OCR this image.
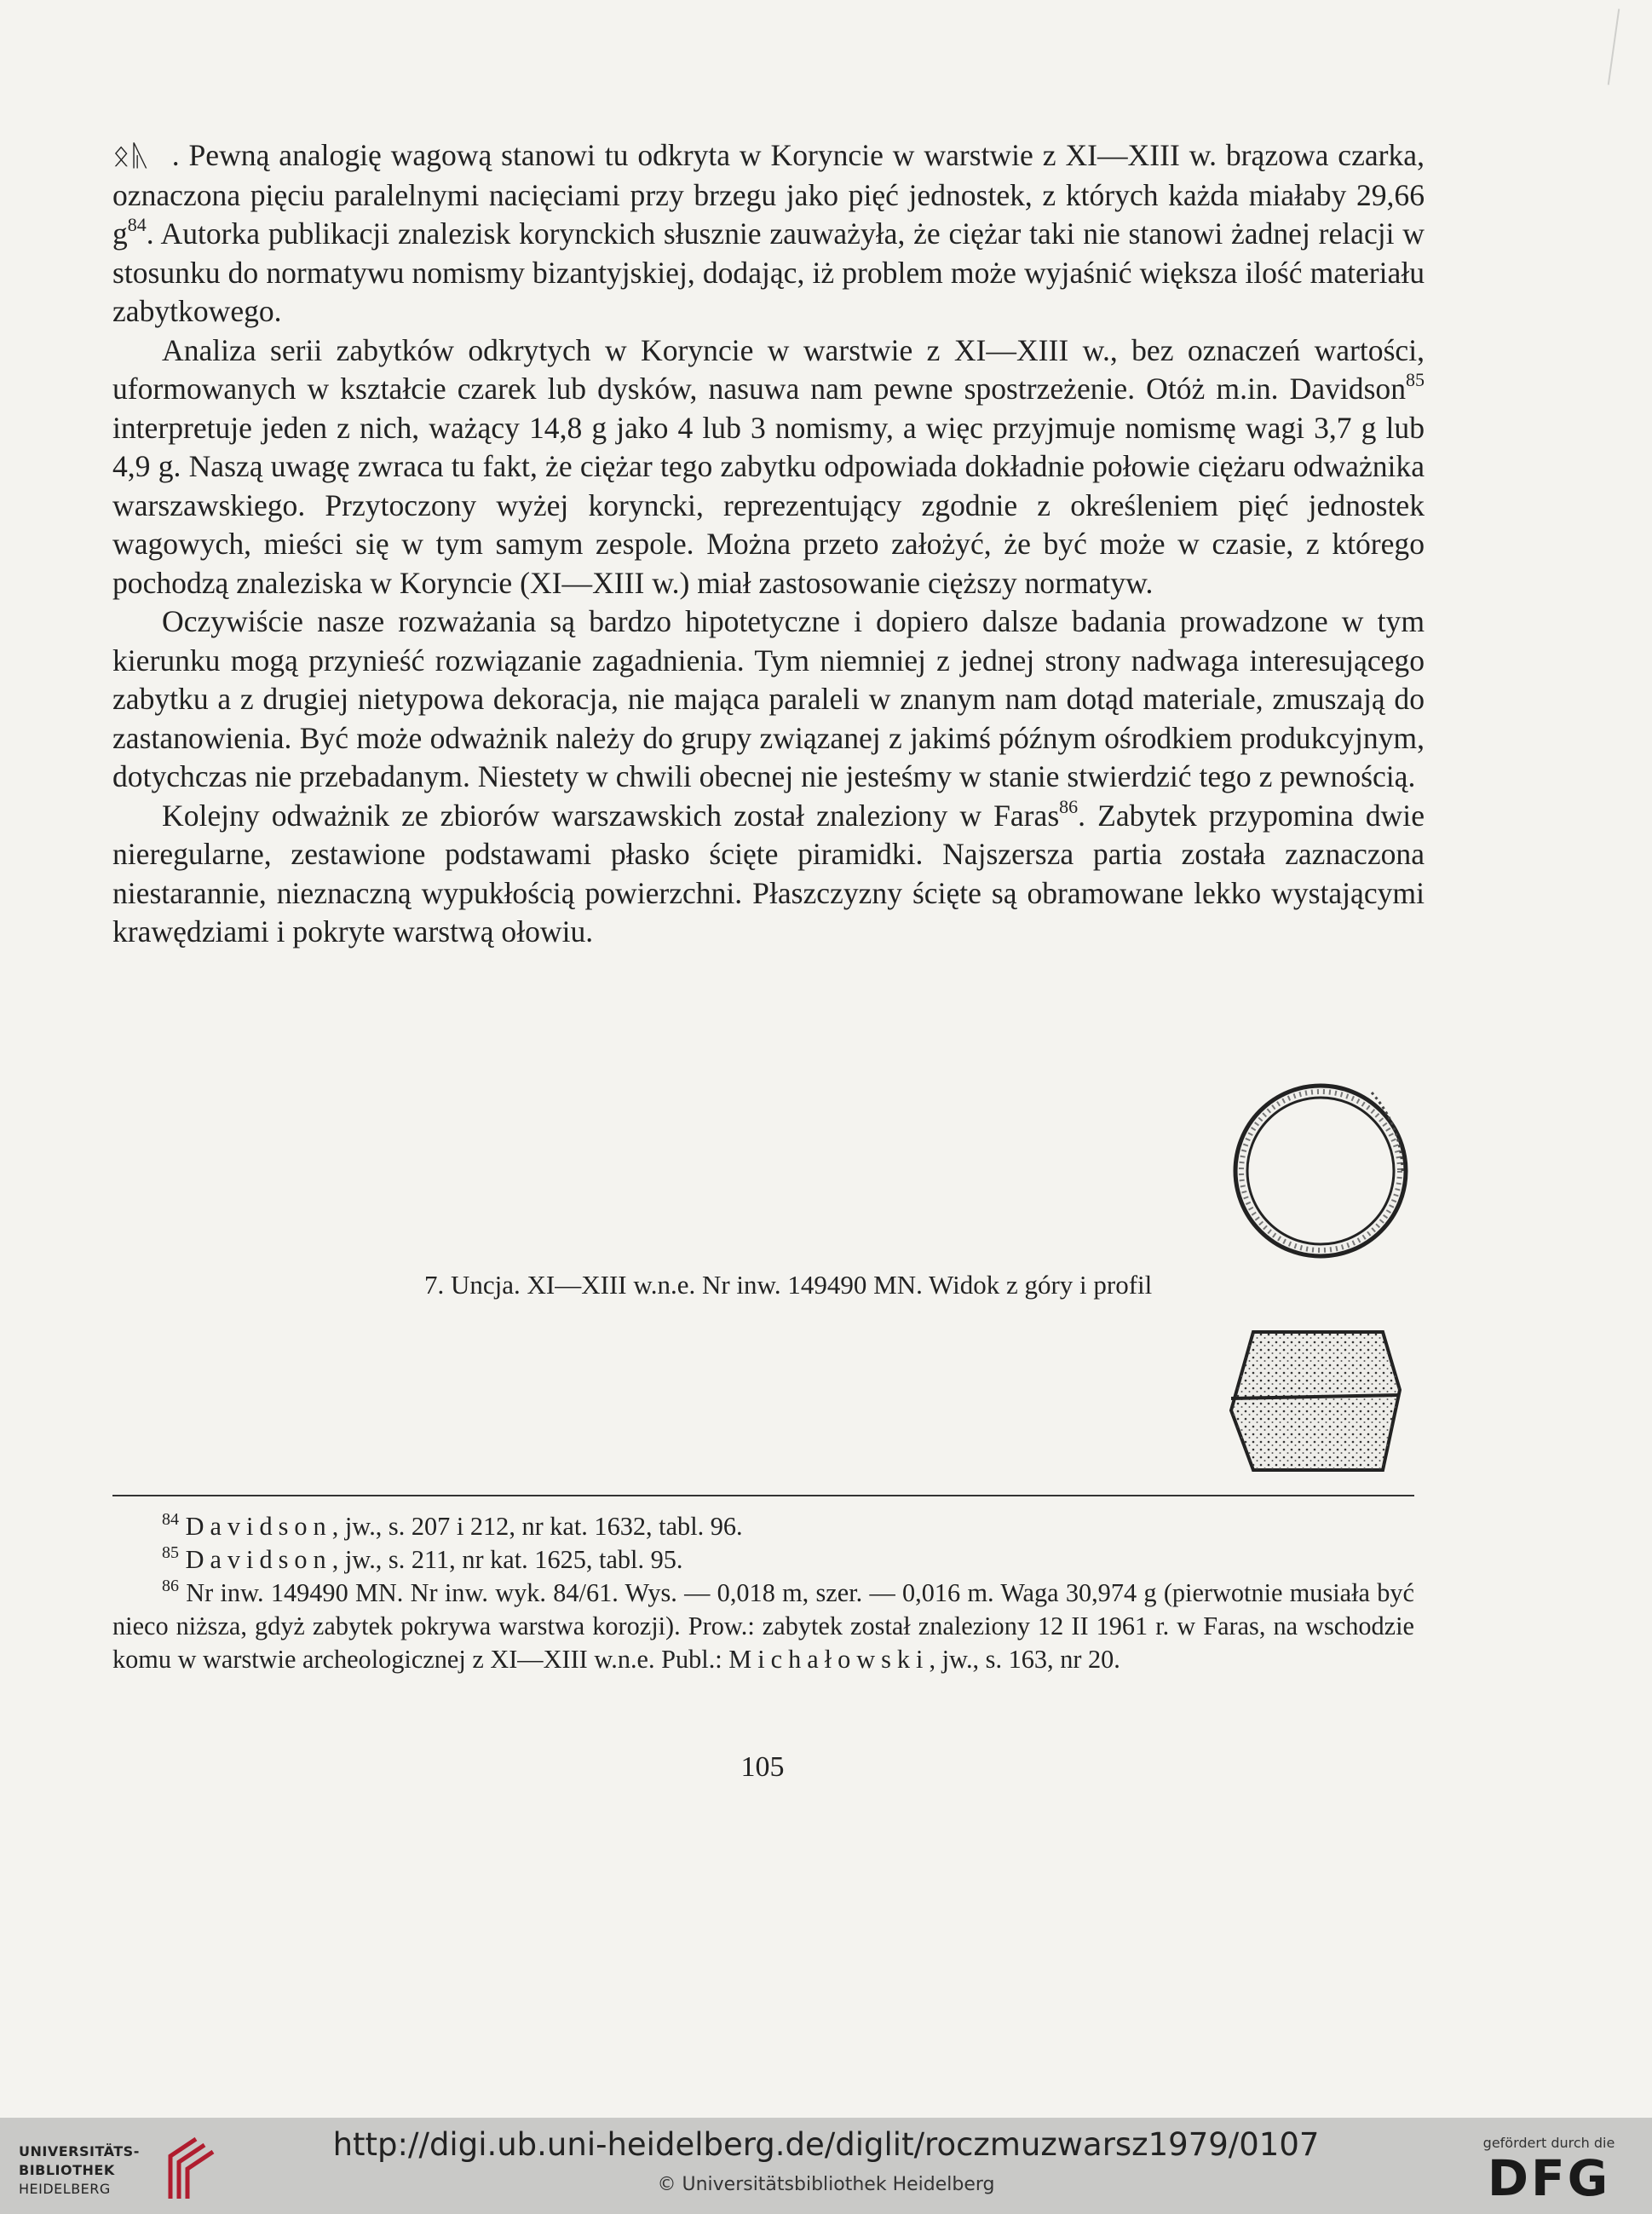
ᛟᚣ . Pewną analogię wagową stanowi tu odkryta w Koryncie w warstwie z XI—XIII w. brązowa czarka, oznaczona pięciu paralelnymi nacięciami przy brzegu jako pięć jednostek, z których każda miałaby 29,66 $g^{84}$. Autorka publikacji znalezisk korynckich słusznie zauważyła, że ciężar taki nie stanowi żadnej relacji w stosunku do normatywu nomismy bizantyjskiej, dodając, iż problem może wyjaśnić większa ilość materiału zabytkowego.

Analiza serii zabytków odkrytych w Koryncie w warstwie z XI—XIII w., bez oznaczeń wartości, uformowanych w kształcie czarek lub dysków, nasuwa nam pewne spostrzeżenie. Otóż m.in. Davidson$^{85}$ interpretuje jeden z nich, ważący 14,8 g jako 4 lub 3 nomismy, a więc przyjmuje nomismę wagi 3,7 g lub 4,9 g. Naszą uwagę zwraca tu fakt, że ciężar tego zabytku odpowiada dokładnie połowie ciężaru odważnika warszawskiego. Przytoczony wyżej koryncki, reprezentujący zgodnie z określeniem pięć jednostek wagowych, mieści się w tym samym zespole. Można przeto założyć, że być może w czasie, z którego pochodzą znaleziska w Koryncie (XI—XIII w.) miał zastosowanie cięższy normatyw.

Oczywiście nasze rozważania są bardzo hipotetyczne i dopiero dalsze badania prowadzone w tym kierunku mogą przynieść rozwiązanie zagadnienia. Tym niemniej z jednej strony nadwaga interesującego zabytku a z drugiej nietypowa dekoracja, nie mająca paraleli w znanym nam dotąd materiale, zmuszają do zastanowienia. Być może odważnik należy do grupy związanej z jakimś późnym ośrodkiem produkcyjnym, dotychczas nie przebadanym. Niestety w chwili obecnej nie jesteśmy w stanie stwierdzić tego z pewnością.

Kolejny odważnik ze zbiorów warszawskich został znaleziony w Faras$^{86}$. Zabytek przypomina dwie nieregularne, zestawione podstawami płasko ścięte piramidki. Najszersza partia została zaznaczona niestarannie, nieznaczną wypukłością powierzchni. Płaszczyzny ścięte są obramowane lekko wystającymi krawędziami i pokryte warstwą ołowiu.

7. Uncja. XI—XIII w.n.e. Nr inw. 149490 MN. Widok z góry i profil

$^{84}$ Davidson, jw., s. 207 i 212, nr kat. 1632, tabl. 96.

$^{85}$ Davidson, jw., s. 211, nr kat. 1625, tabl. 95.

$^{86}$ Nr inw. 149490 MN. Nr inw. wyk. 84/61. Wys. — 0,018 m, szer. — 0,016 m. Waga 30,974 g (pierwotnie musiała być nieco niższa, gdyż zabytek pokrywa warstwa korozji). Prow.: zabytek został znaleziony 12 II 1961 r. w Faras, na wschodzie komu w warstwie archeologicznej z XI—XIII w.n.e. Publ.: Michałowski, jw., s. 163, nr 20.

105
UNIVERSITÄTS-
BIBLIOTHEK
HEIDELBERG
http://digi.ub.uni-heidelberg.de/diglit/roczmuzwarsz1979/0107
© Universitätsbibliothek Heidelberg
gefördert durch die
DFG
